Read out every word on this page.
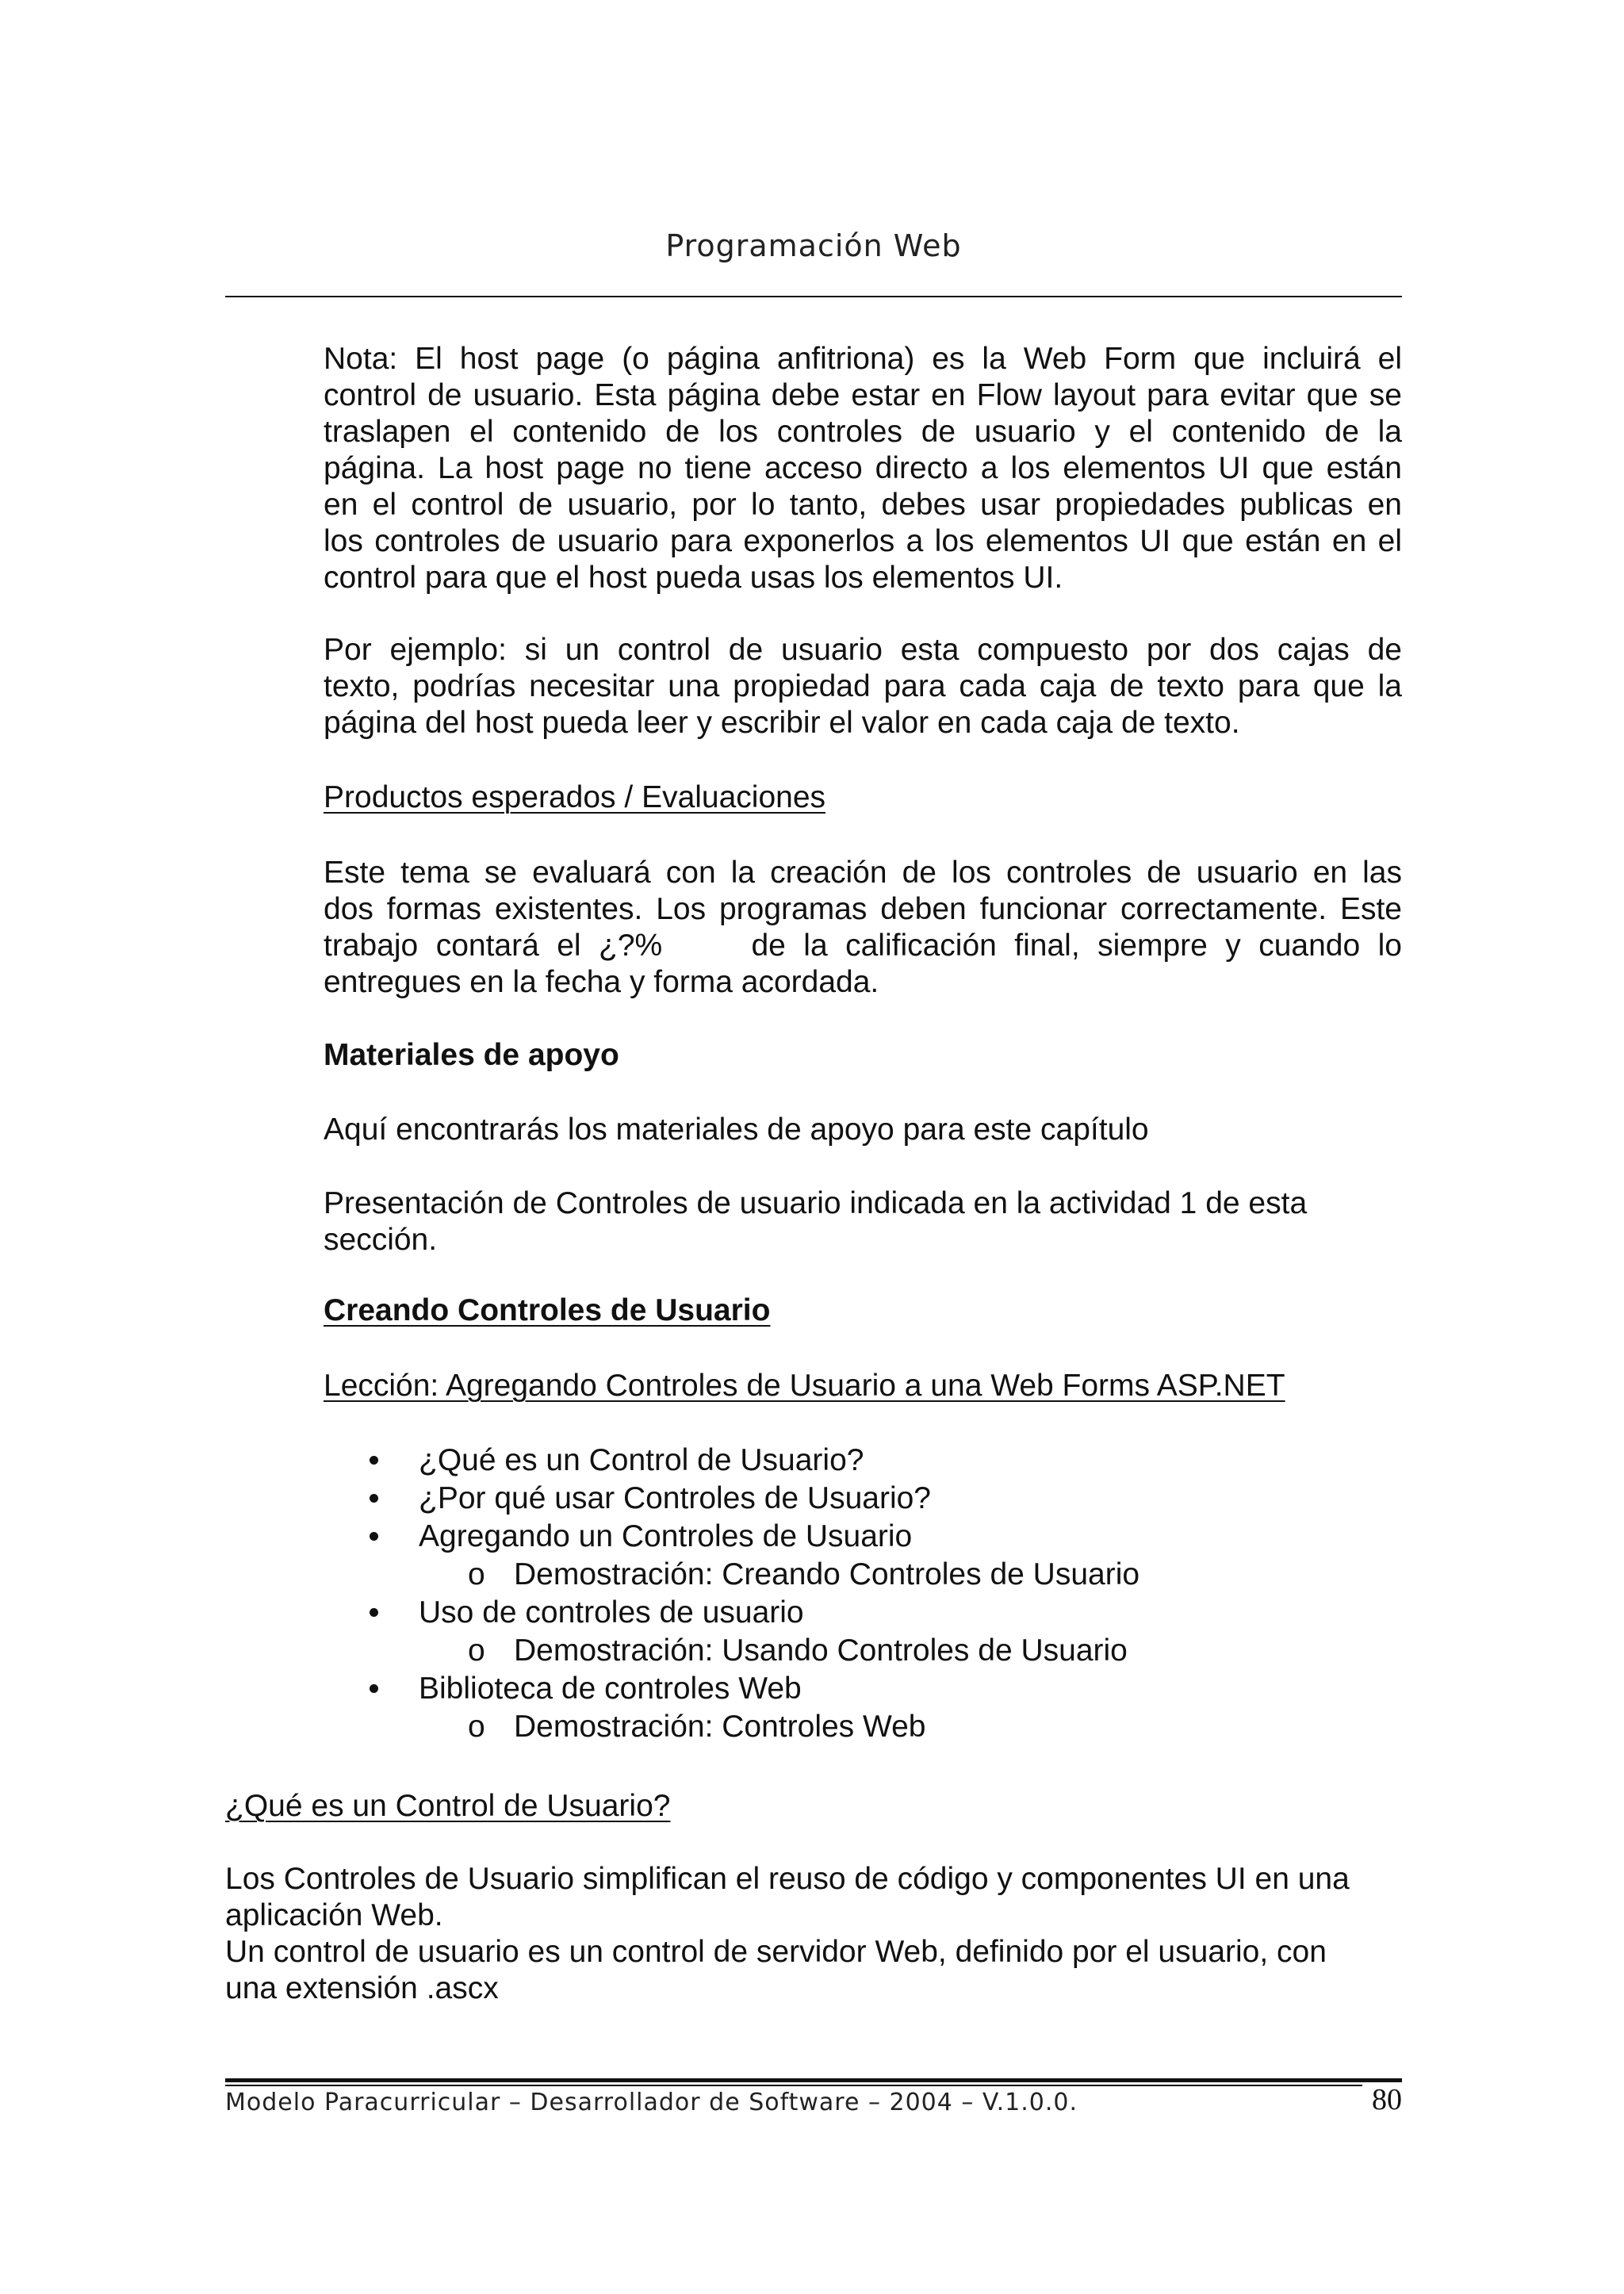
Programación Web
Nota: El host page (o página anfitriona) es la Web Form que incluirá el
control de usuario. Esta página debe estar en Flow layout para evitar que se
traslapen el contenido de los controles de usuario y el contenido de la
página. La host page no tiene acceso directo a los elementos UI que están
en el control de usuario, por lo tanto, debes usar propiedades publicas en
los controles de usuario para exponerlos a los elementos UI que están en el
control para que el host pueda usas los elementos UI.
Por ejemplo: si un control de usuario esta compuesto por dos cajas de
texto, podrías necesitar una propiedad para cada caja de texto para que la
página del host pueda leer y escribir el valor en cada caja de texto.
Productos esperados / Evaluaciones
Este tema se evaluará con la creación de los controles de usuario en las
dos formas existentes. Los programas deben funcionar correctamente. Este
trabajo contará el ¿?%     de la calificación final, siempre y cuando lo
entregues en la fecha y forma acordada.
Materiales de apoyo
Aquí encontrarás los materiales de apoyo para este capítulo
Presentación de Controles de usuario indicada en la actividad 1 de esta
sección.
Creando Controles de Usuario
Lección: Agregando Controles de Usuario a una Web Forms ASP.NET
¿Qué es un Control de Usuario?
¿Por qué usar Controles de Usuario?
Agregando un Controles de Usuario
o Demostración: Creando Controles de Usuario
Uso de controles de usuario
o Demostración: Usando Controles de Usuario
Biblioteca de controles Web
o Demostración: Controles Web
¿Qué es un Control de Usuario?
Los Controles de Usuario simplifican el reuso de código y componentes UI en una
aplicación Web.
Un control de usuario es un control de servidor Web, definido por el usuario, con
una extensión .ascx
Modelo Paracurricular – Desarrollador de Software – 2004 – V.1.0.0.	80
